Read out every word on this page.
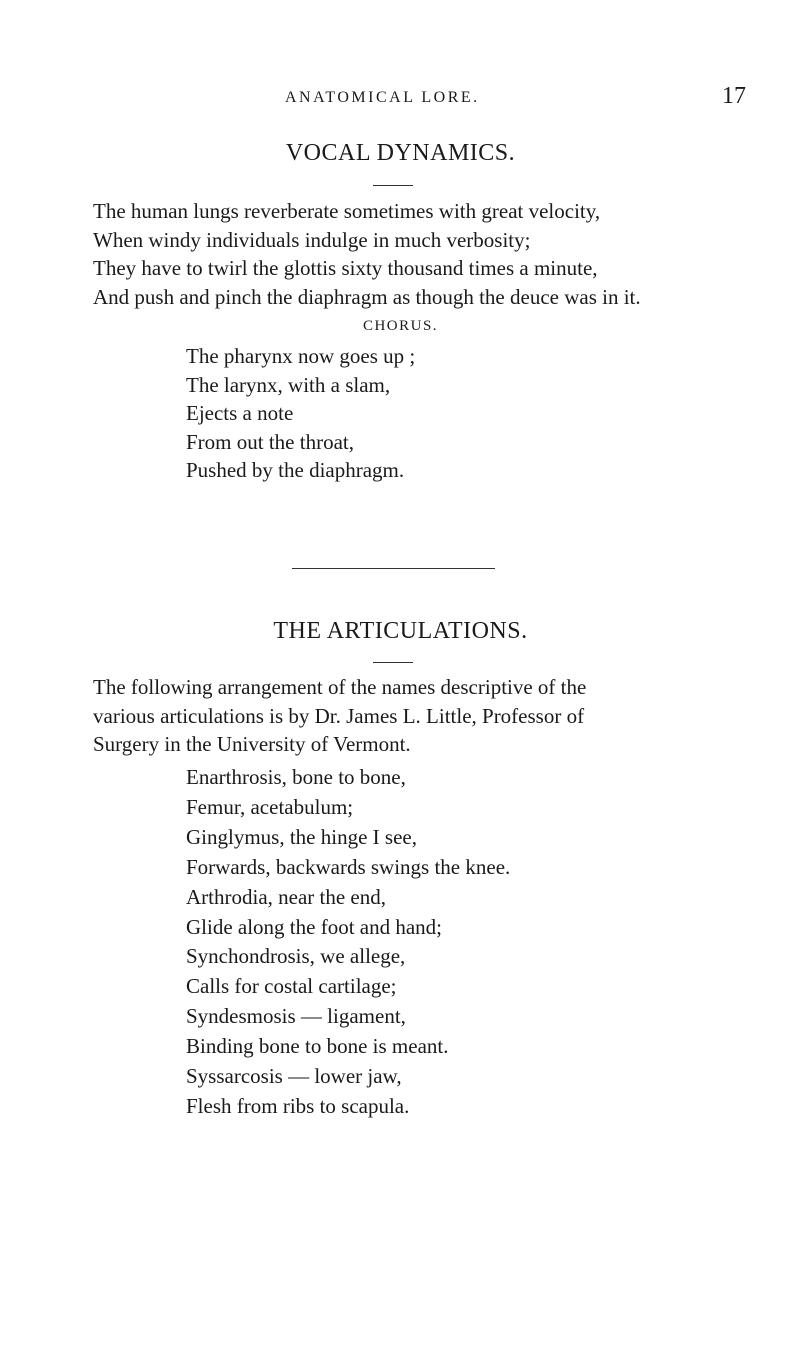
ANATOMICAL LORE.	17
VOCAL DYNAMICS.
The human lungs reverberate sometimes with great velocity,
When windy individuals indulge in much verbosity;
They have to twirl the glottis sixty thousand times a minute,
And push and pinch the diaphragm as though the deuce was in it.
CHORUS.
The pharynx now goes up ;
The larynx, with a slam,
Ejects a note
From out the throat,
Pushed by the diaphragm.
THE ARTICULATIONS.
The following arrangement of the names descriptive of the
various articulations is by Dr. James L. Little, Professor of
Surgery in the University of Vermont.
Enarthrosis, bone to bone,
Femur, acetabulum;
Ginglymus, the hinge I see,
Forwards, backwards swings the knee.
Arthrodia, near the end,
Glide along the foot and hand;
Synchondrosis, we allege,
Calls for costal cartilage;
Syndesmosis — ligament,
Binding bone to bone is meant.
Syssarcosis — lower jaw,
Flesh from ribs to scapula.
